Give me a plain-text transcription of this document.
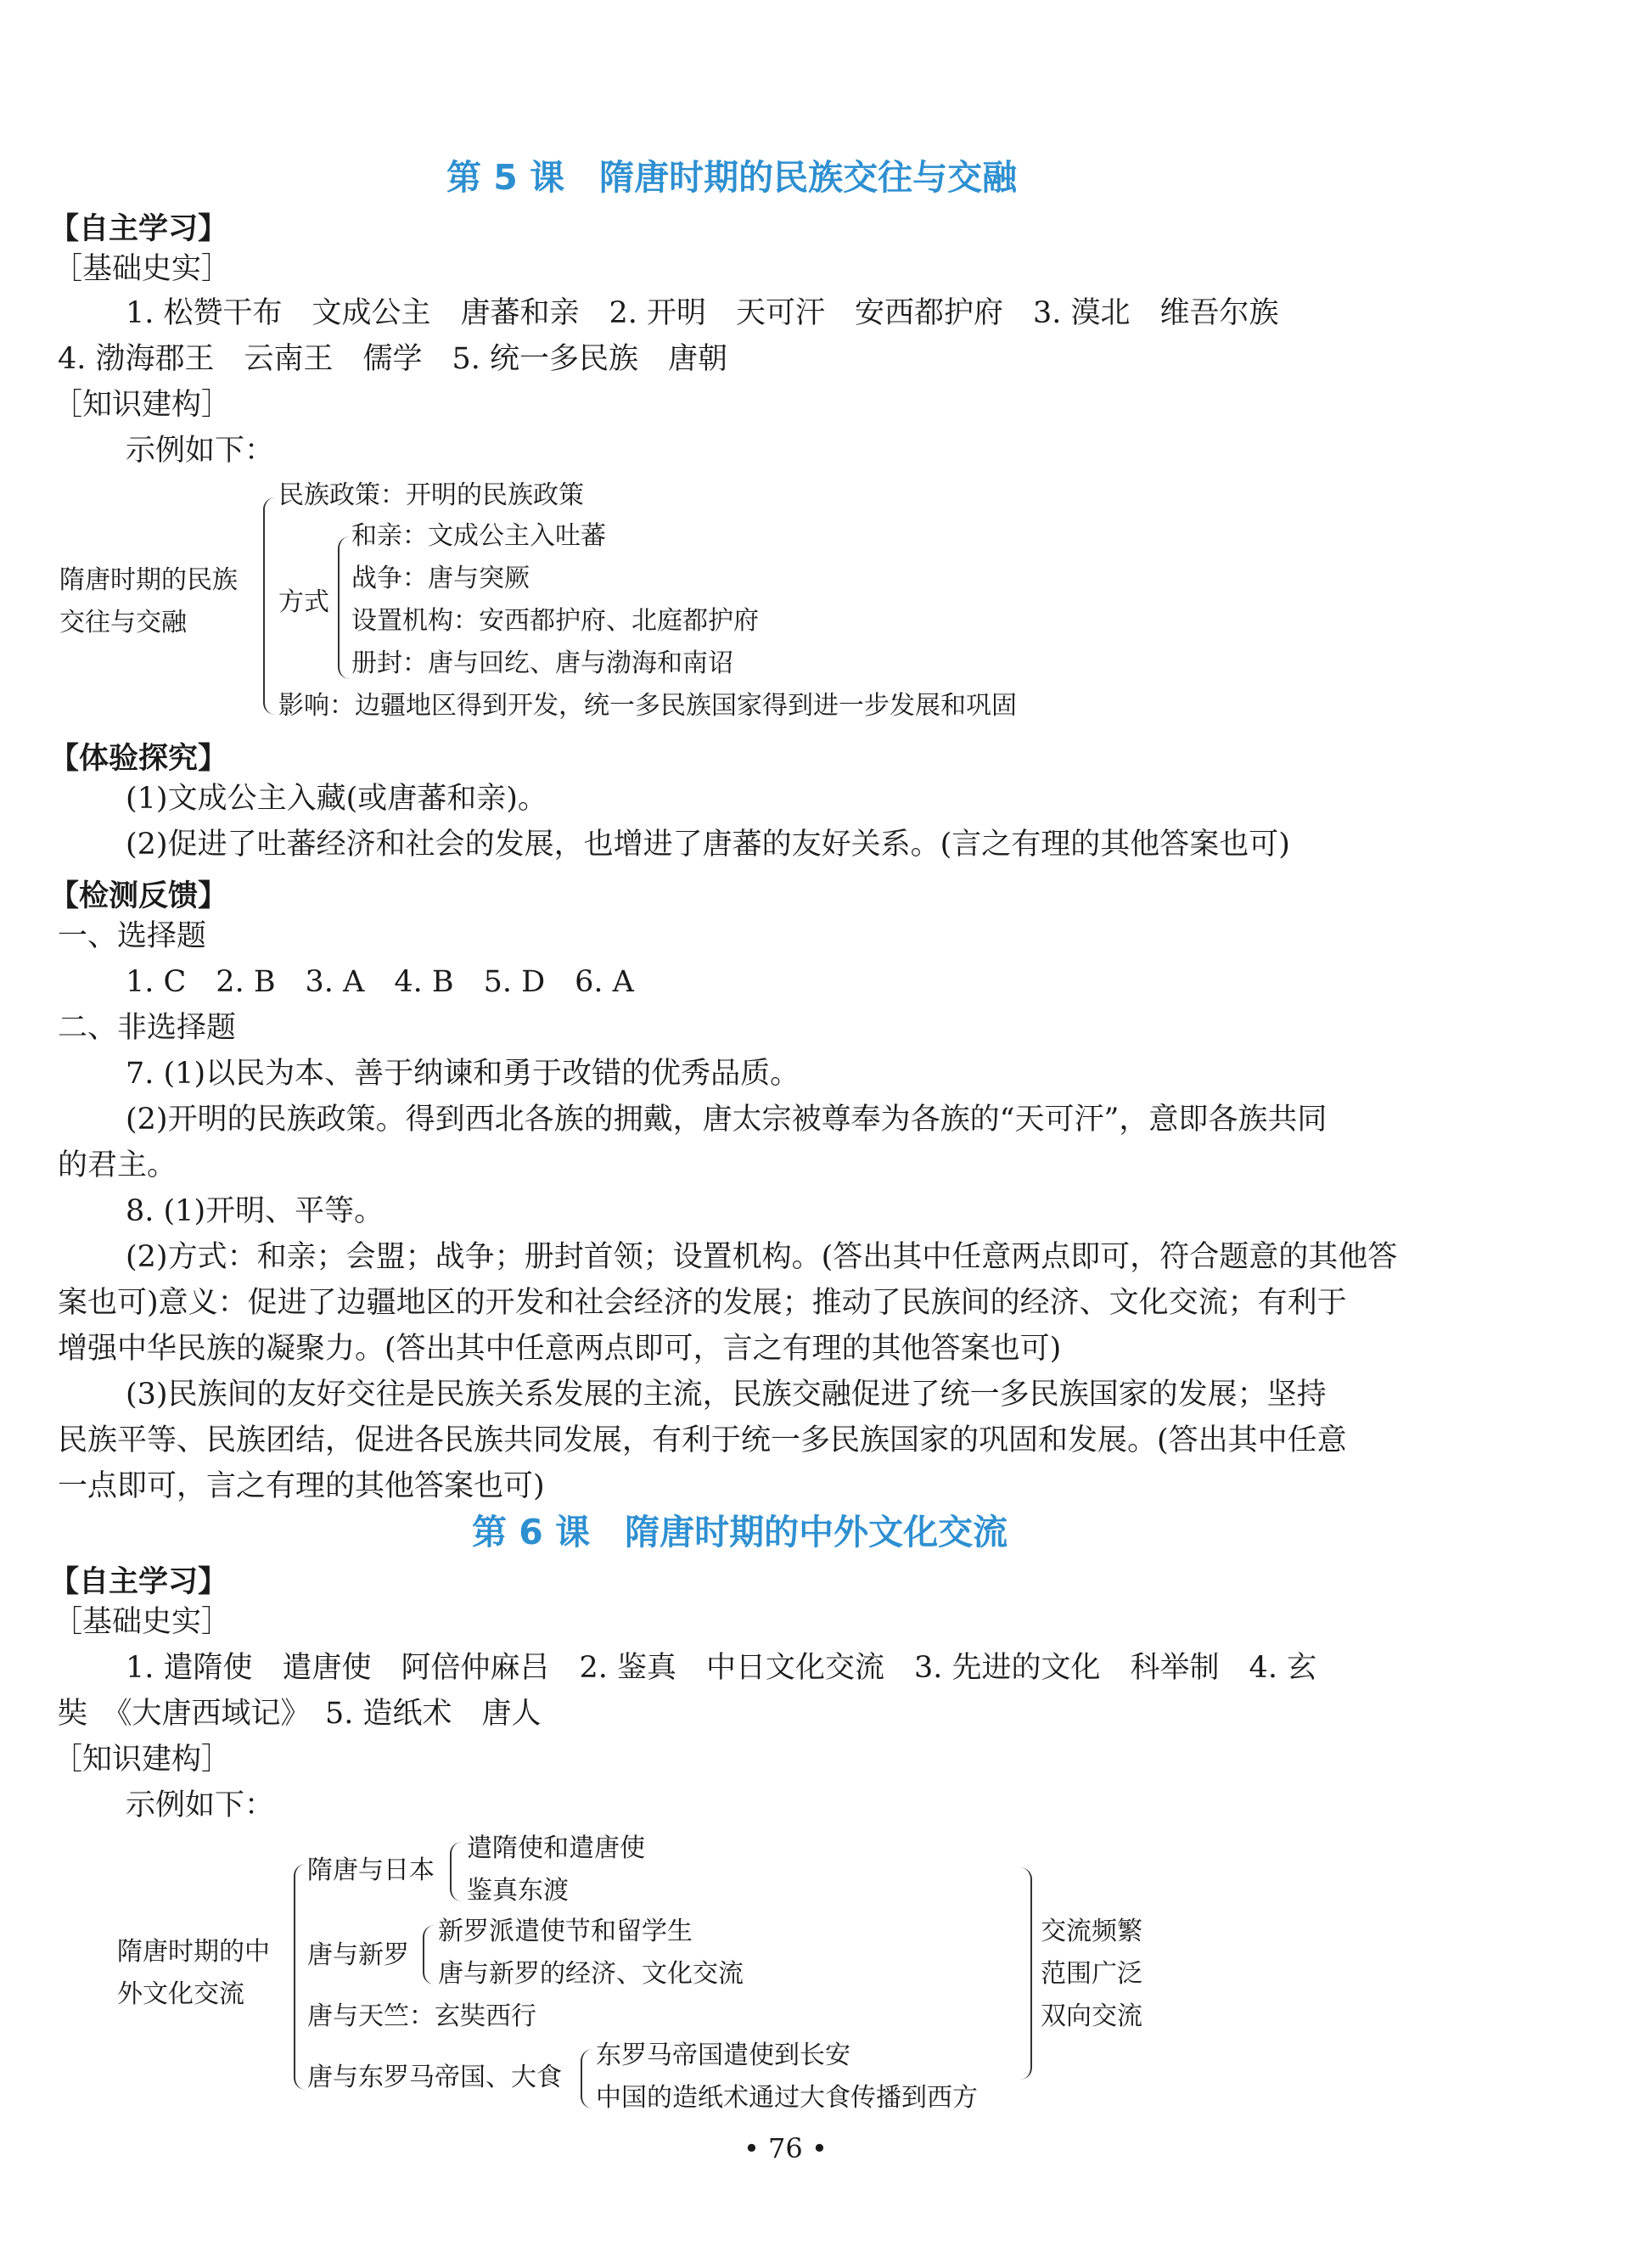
第 5 课　隋唐时期的民族交往与交融
【自主学习】
［基础史实］
1. 松赞干布　文成公主　唐蕃和亲　2. 开明　天可汗　安西都护府　3. 漠北　维吾尔族
4. 渤海郡王　云南王　儒学　5. 统一多民族　唐朝
［知识建构］
示例如下：
隋唐时期的民族
交往与交融
民族政策：开明的民族政策
方式
和亲：文成公主入吐蕃
战争：唐与突厥
设置机构：安西都护府、北庭都护府
册封：唐与回纥、唐与渤海和南诏
影响：边疆地区得到开发，统一多民族国家得到进一步发展和巩固
【体验探究】
(1)文成公主入藏(或唐蕃和亲)。
(2)促进了吐蕃经济和社会的发展，也增进了唐蕃的友好关系。(言之有理的其他答案也可)
【检测反馈】
一、选择题
1. C　2. B　3. A　4. B　5. D　6. A
二、非选择题
7. (1)以民为本、善于纳谏和勇于改错的优秀品质。
(2)开明的民族政策。得到西北各族的拥戴，唐太宗被尊奉为各族的“天可汗”，意即各族共同
的君主。
8. (1)开明、平等。
(2)方式：和亲；会盟；战争；册封首领；设置机构。(答出其中任意两点即可，符合题意的其他答
案也可)意义：促进了边疆地区的开发和社会经济的发展；推动了民族间的经济、文化交流；有利于
增强中华民族的凝聚力。(答出其中任意两点即可，言之有理的其他答案也可)
(3)民族间的友好交往是民族关系发展的主流，民族交融促进了统一多民族国家的发展；坚持
民族平等、民族团结，促进各民族共同发展，有利于统一多民族国家的巩固和发展。(答出其中任意
一点即可，言之有理的其他答案也可)
第 6 课　隋唐时期的中外文化交流
【自主学习】
［基础史实］
1. 遣隋使　遣唐使　阿倍仲麻吕　2. 鉴真　中日文化交流　3. 先进的文化　科举制　4. 玄
奘　《大唐西域记》　5. 造纸术　唐人
［知识建构］
示例如下：
隋唐时期的中
外文化交流
隋唐与日本
遣隋使和遣唐使
鉴真东渡
唐与新罗
新罗派遣使节和留学生
唐与新罗的经济、文化交流
唐与天竺：玄奘西行
唐与东罗马帝国、大食
东罗马帝国遣使到长安
中国的造纸术通过大食传播到西方
交流频繁
范围广泛
双向交流
• 76 •
